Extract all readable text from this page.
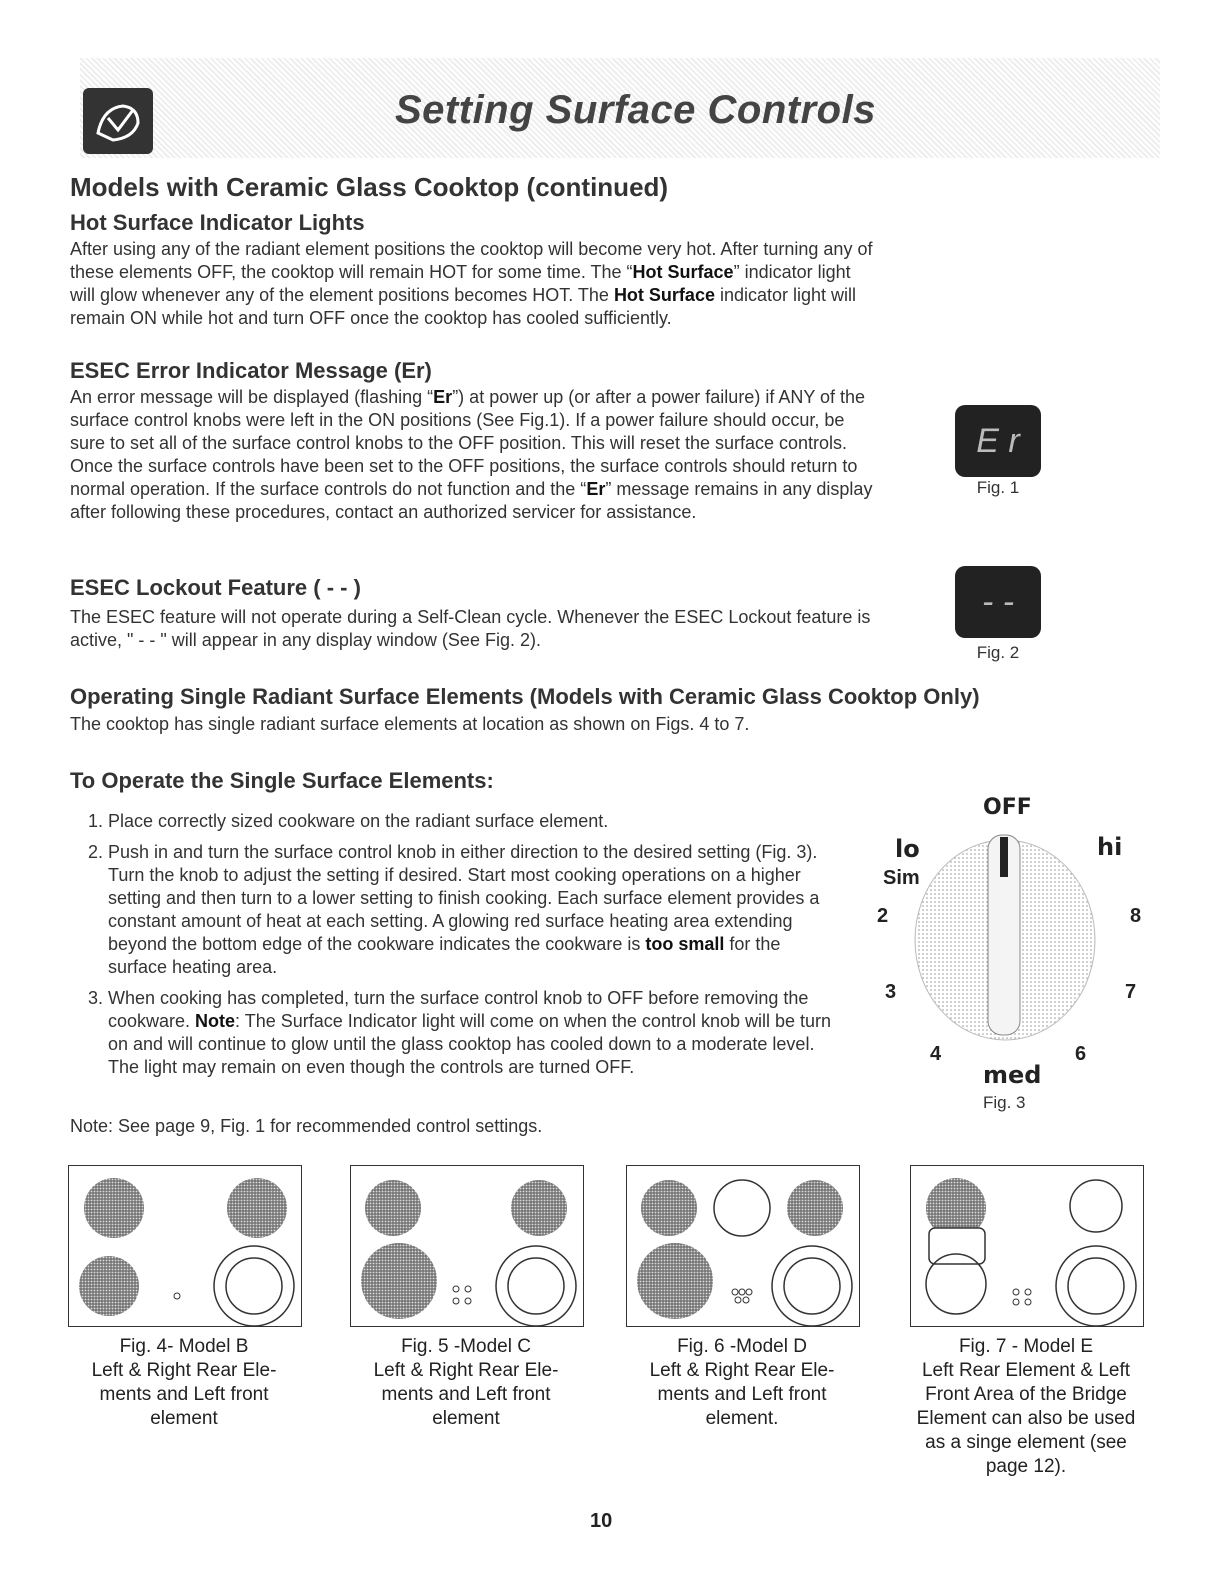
Setting Surface Controls
Models with Ceramic Glass Cooktop (continued)
Hot Surface Indicator Lights
After using any of the radiant element positions the cooktop will become very hot. After turning any of these elements OFF, the cooktop will remain HOT for some time. The “Hot Surface” indicator light will glow whenever any of the element positions becomes HOT. The Hot Surface indicator light will remain ON while hot and turn OFF once the cooktop has cooled sufficiently.
ESEC Error Indicator Message (Er)
An error message will be displayed (flashing “Er”) at power up (or after a power failure) if ANY of the surface control knobs were left in the ON positions (See Fig.1). If a power failure should occur, be sure to set all of the surface control knobs to the OFF position. This will reset the surface controls.
Once the surface controls have been set to the OFF positions, the surface controls should return to normal operation. If the surface controls do not function and the “Er” message remains in any display after following these procedures, contact an authorized servicer for assistance.
E r
Fig. 1
ESEC Lockout Feature ( - - )
The ESEC feature will not operate during a Self-Clean cycle. Whenever the ESEC Lockout feature is active, " - - " will appear in any display window (See Fig. 2).
- -
Fig. 2
Operating Single Radiant Surface Elements (Models with Ceramic Glass Cooktop Only)
The cooktop has single radiant surface elements at location as shown on Figs. 4 to 7.
To Operate the Single Surface Elements:
1. Place correctly sized cookware on the radiant surface element.
2. Push in and turn the surface control knob in either direction to the desired setting (Fig. 3). Turn the knob to adjust the setting if desired. Start most cooking operations on a higher setting and then turn to a lower setting to finish cooking. Each surface element provides a constant amount of heat at each setting. A glowing red surface heating area extending beyond the bottom edge of the cookware indicates the cookware is too small for the surface heating area.
3. When cooking has completed, turn the surface control knob to OFF before removing the cookware. Note: The Surface Indicator light will come on when the control knob will be turn on and will continue to glow until the glass cooktop has cooled down to a moderate level. The light may remain on even though the controls are turned OFF.
Note: See page 9, Fig. 1 for recommended control settings.
OFF
lo	hi
Sim
2
3
4	6
7
8
med
Fig. 3
Fig. 4- Model B
Left & Right Rear Ele-
ments and Left front
element
Fig. 5 -Model C
Left & Right Rear Ele-
ments and Left front
element
Fig. 6 -Model D
Left & Right Rear Ele-
ments and Left front
element.
Fig. 7 - Model E
Left Rear Element & Left
Front Area of the Bridge
Element can also be used
as a singe element (see
page 12).
10
